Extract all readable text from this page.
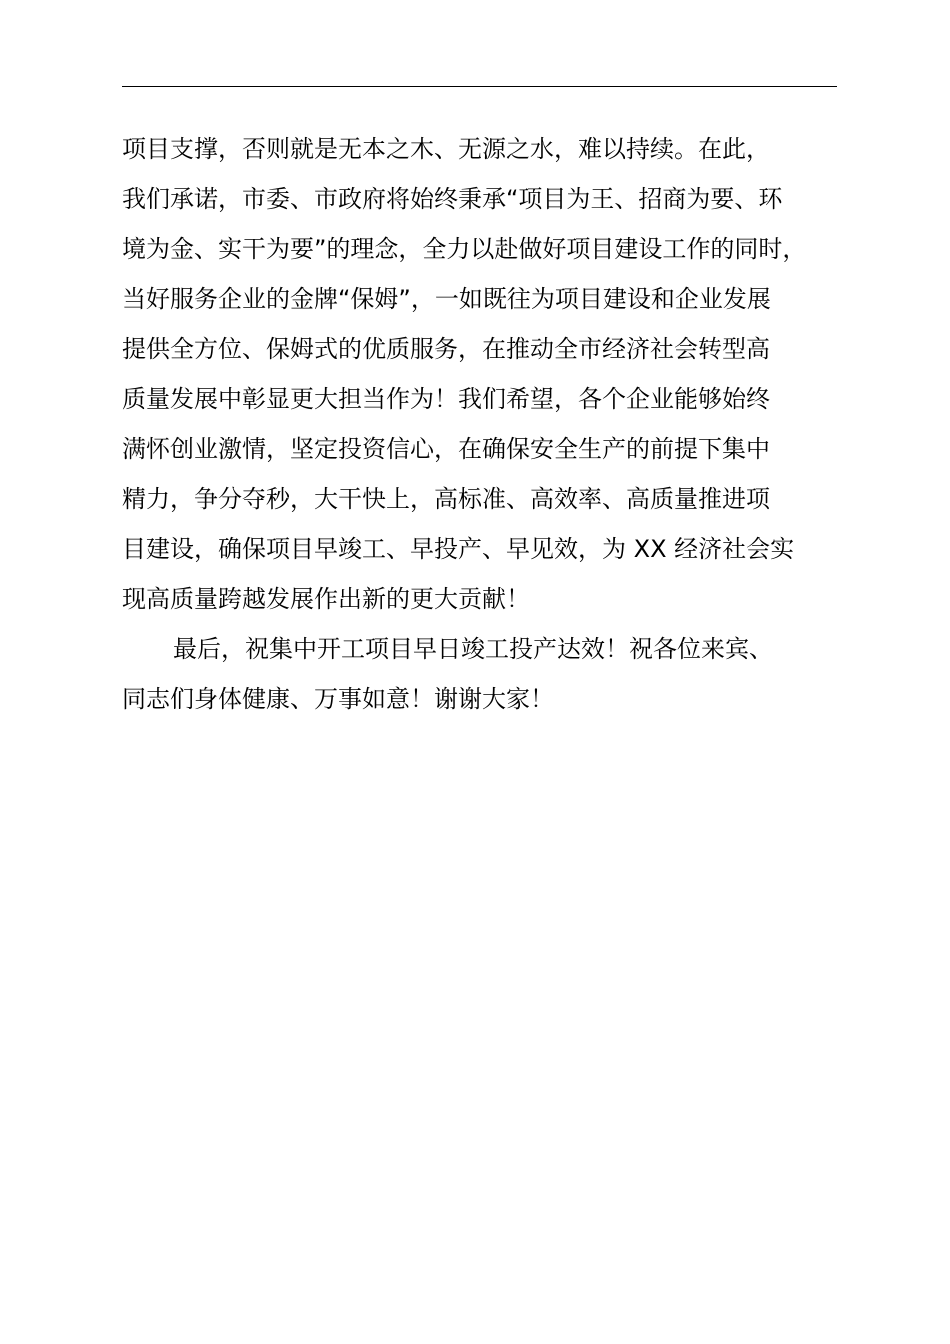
项目支撑，否则就是无本之木、无源之水，难以持续。在此，
我们承诺，市委、市政府将始终秉承“项目为王、招商为要、环
境为金、实干为要”的理念，全力以赴做好项目建设工作的同时，
当好服务企业的金牌“保姆”，一如既往为项目建设和企业发展
提供全方位、保姆式的优质服务，在推动全市经济社会转型高
质量发展中彰显更大担当作为！我们希望，各个企业能够始终
满怀创业激情，坚定投资信心，在确保安全生产的前提下集中
精力，争分夺秒，大干快上，高标准、高效率、高质量推进项
目建设，确保项目早竣工、早投产、早见效，为 XX 经济社会实
现高质量跨越发展作出新的更大贡献！
最后，祝集中开工项目早日竣工投产达效！祝各位来宾、
同志们身体健康、万事如意！谢谢大家！
